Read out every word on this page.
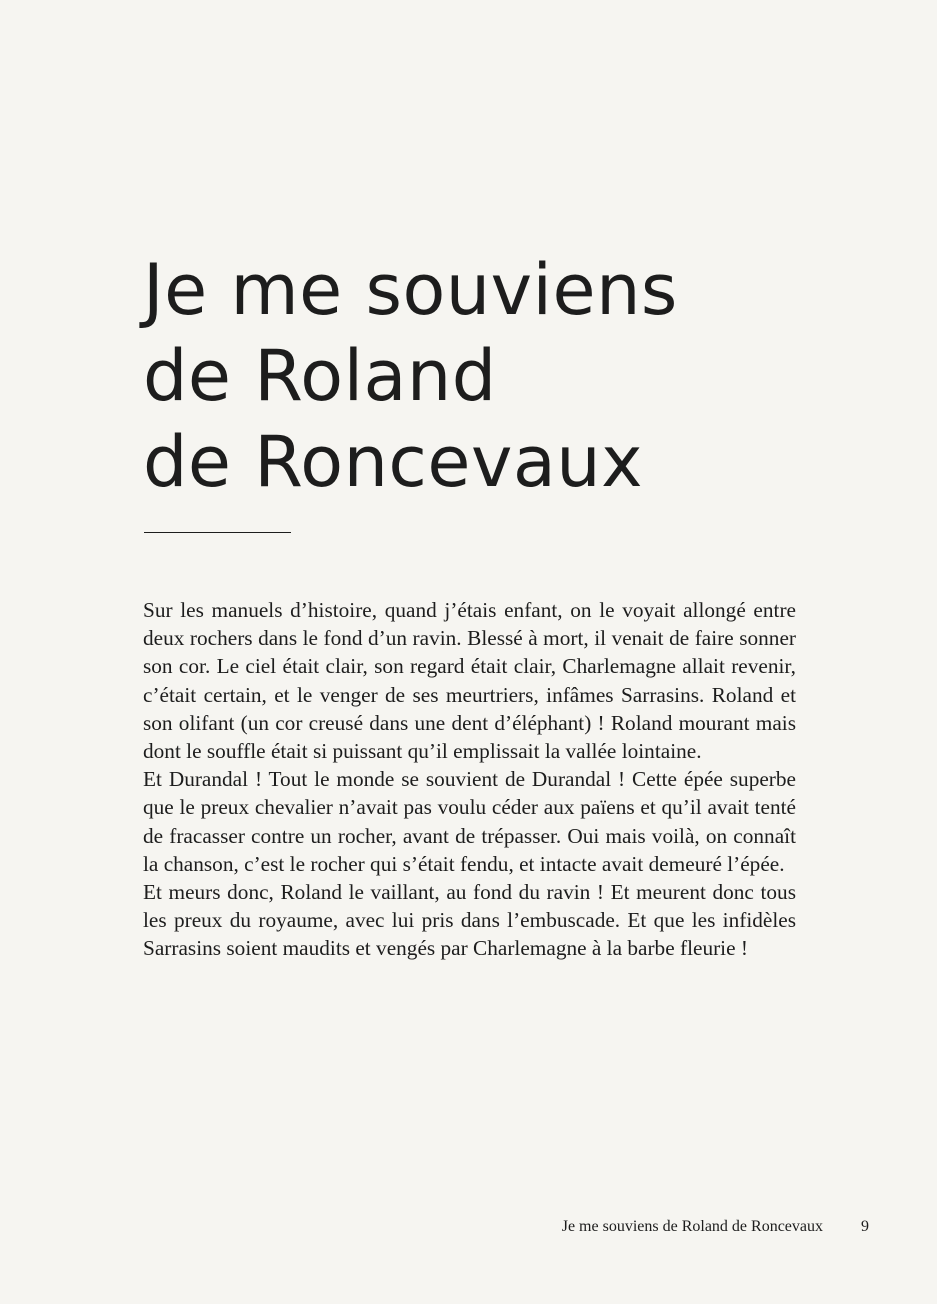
Je me souviens
de Roland
de Roncevaux

Sur les manuels d’histoire, quand j’étais enfant, on le voyait allongé entre deux rochers dans le fond d’un ravin. Blessé à mort, il venait de faire sonner son cor. Le ciel était clair, son regard était clair, Charlemagne allait revenir, c’était certain, et le venger de ses meurtriers, infâmes Sarrasins. Roland et son olifant (un cor creusé dans une dent d’éléphant) ! Roland mourant mais dont le souffle était si puissant qu’il emplissait la vallée lointaine.

Et Durandal ! Tout le monde se souvient de Durandal ! Cette épée superbe que le preux chevalier n’avait pas voulu céder aux païens et qu’il avait tenté de fracasser contre un rocher, avant de trépasser. Oui mais voilà, on connaît la chanson, c’est le rocher qui s’était fendu, et intacte avait demeuré l’épée.

Et meurs donc, Roland le vaillant, au fond du ravin ! Et meurent donc tous les preux du royaume, avec lui pris dans l’embuscade. Et que les infidèles Sarrasins soient maudits et vengés par Charlemagne à la barbe fleurie !

Je me souviens de Roland de Roncevaux 9
